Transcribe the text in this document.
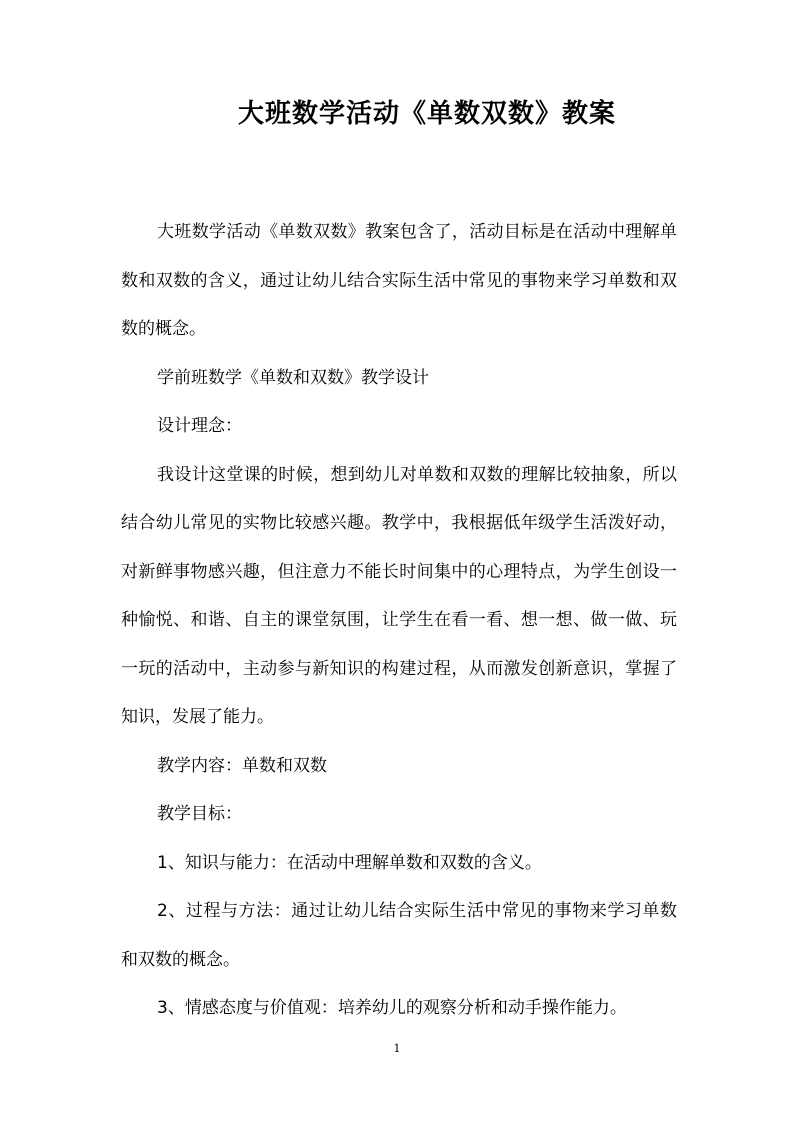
大班数学活动《单数双数》教案

大班数学活动《单数双数》教案包含了，活动目标是在活动中理解单数和双数的含义，通过让幼儿结合实际生活中常见的事物来学习单数和双数的概念。

学前班数学《单数和双数》教学设计

设计理念：

我设计这堂课的时候，想到幼儿对单数和双数的理解比较抽象，所以结合幼儿常见的实物比较感兴趣。教学中，我根据低年级学生活泼好动，对新鲜事物感兴趣，但注意力不能长时间集中的心理特点，为学生创设一种愉悦、和谐、自主的课堂氛围，让学生在看一看、想一想、做一做、玩一玩的活动中，主动参与新知识的构建过程，从而激发创新意识，掌握了知识，发展了能力。

教学内容：单数和双数

教学目标：

1、知识与能力：在活动中理解单数和双数的含义。

2、过程与方法：通过让幼儿结合实际生活中常见的事物来学习单数和双数的概念。

3、情感态度与价值观：培养幼儿的观察分析和动手操作能力。

1
